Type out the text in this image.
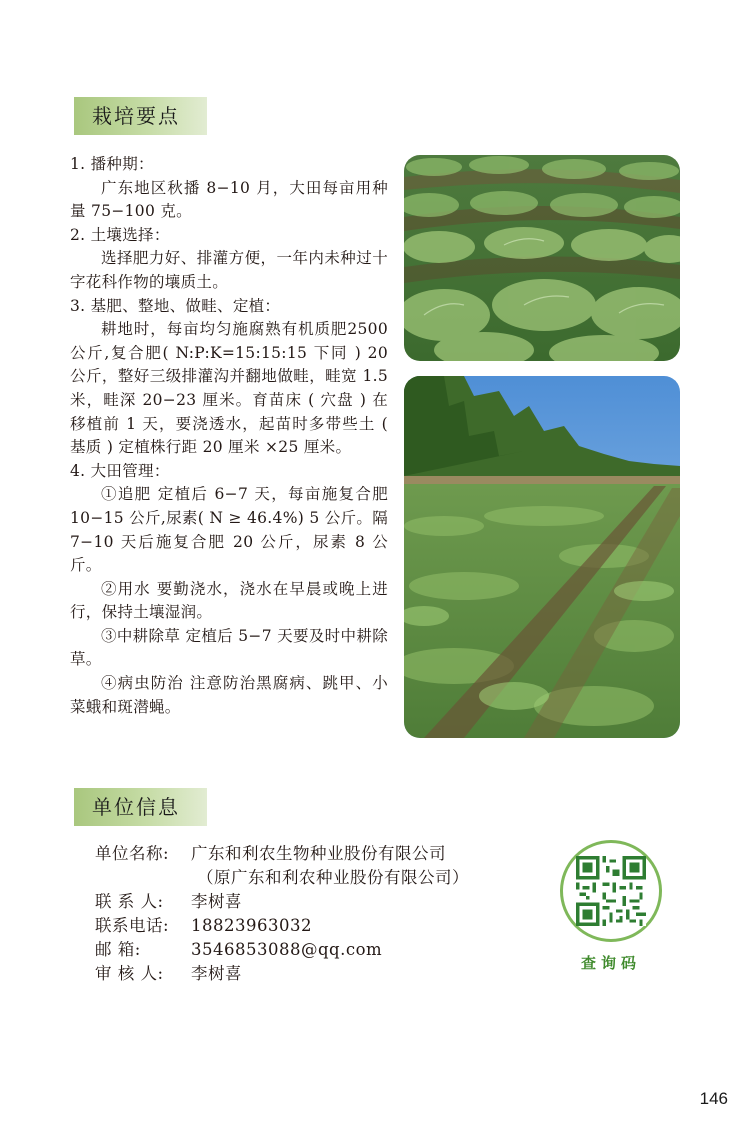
栽培要点

1. 播种期：

广东地区秋播 8−10 月，大田每亩用种量 75−100 克。

2. 土壤选择：

选择肥力好、排灌方便，一年内未种过十字花科作物的壤质土。

3. 基肥、整地、做畦、定植：

耕地时，每亩均匀施腐熟有机质肥2500 公斤,复合肥( N:P:K=15:15:15 下同 ) 20 公斤，整好三级排灌沟并翻地做畦，畦宽 1.5 米，畦深 20−23 厘米。育苗床 ( 穴盘 ) 在移植前 1 天，要浇透水，起苗时多带些土 ( 基质 ) 定植株行距 20 厘米 ×25 厘米。

4. 大田管理：

①追肥 定植后 6−7 天，每亩施复合肥10−15 公斤,尿素( N ≥ 46.4%) 5 公斤。隔 7−10 天后施复合肥 20 公斤，尿素 8 公斤。

②用水 要勤浇水，浇水在早晨或晚上进行，保持土壤湿润。

③中耕除草 定植后 5−7 天要及时中耕除草。

④病虫防治 注意防治黑腐病、跳甲、小菜蛾和斑潜蝇。

单位信息
单位名称:	广东和利农生物种业股份有限公司
（原广东和利农种业股份有限公司）
联 系 人:	李树喜
联系电话:	18823963032
邮 箱:	3546853088@qq.com
审 核 人:	李树喜
查询码
146
